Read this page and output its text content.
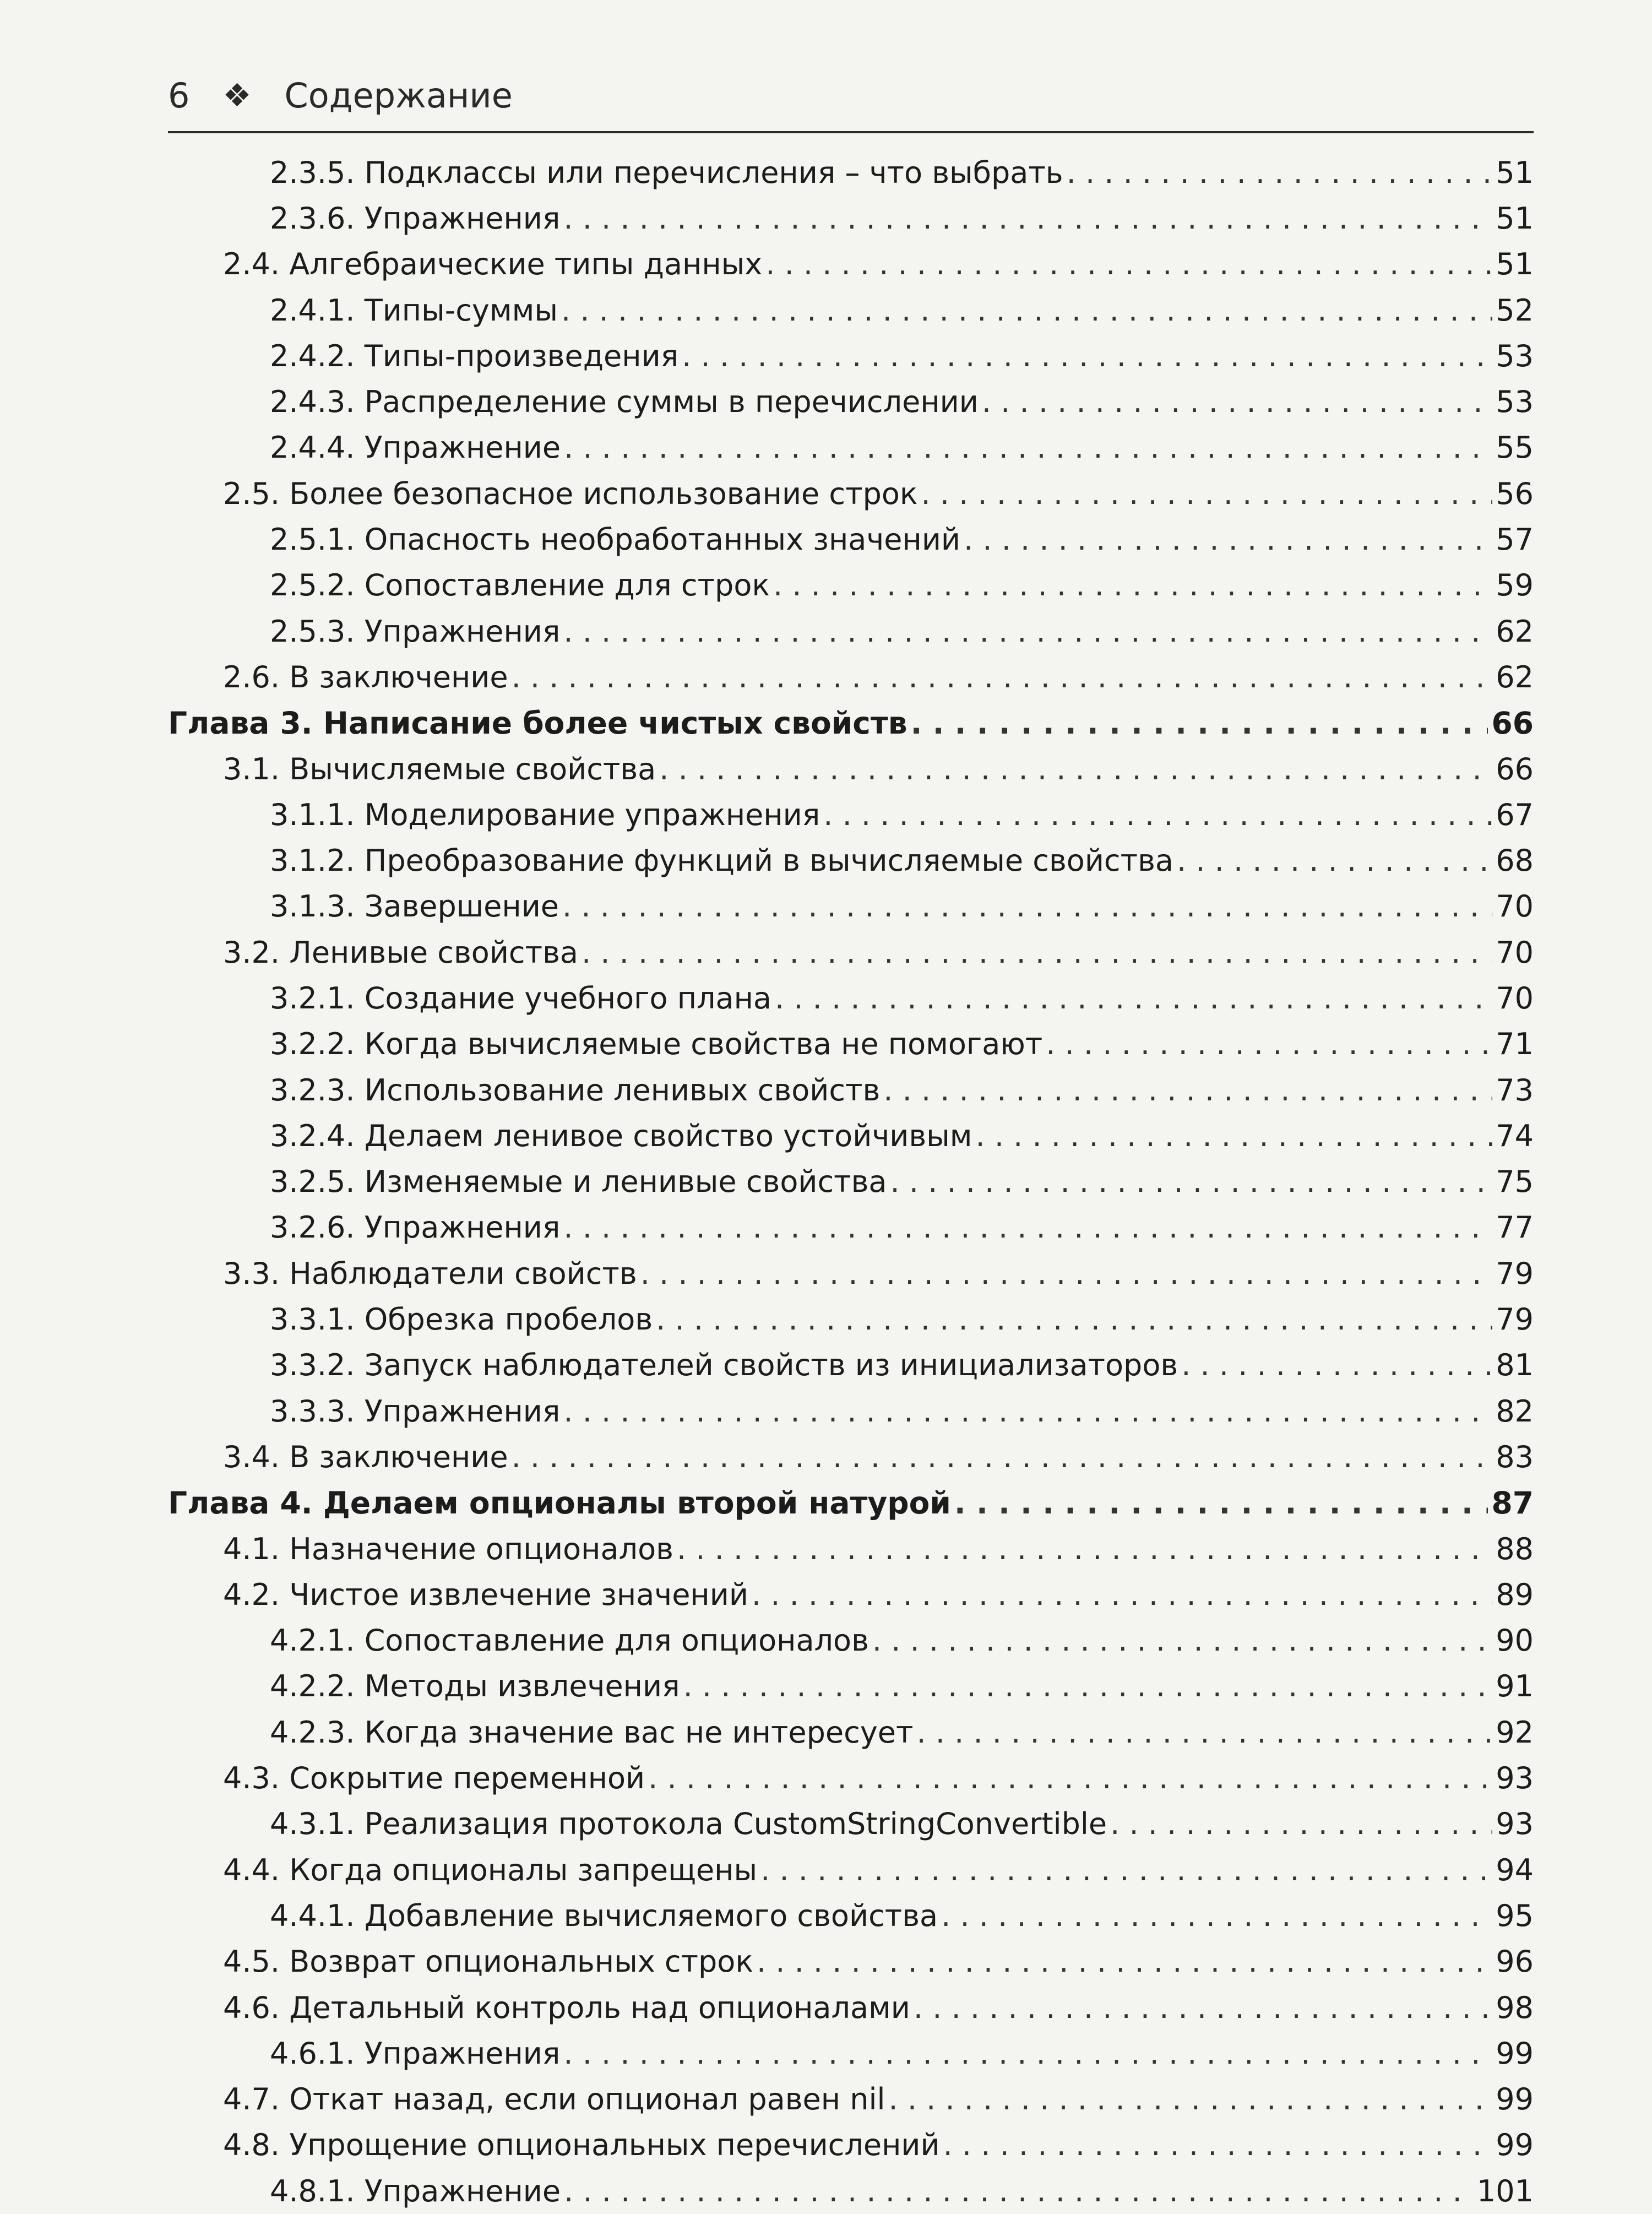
6 ❖ Содержание
2.3.5. Подклассы или перечисления – что выбрать . . .	51
2.3.6. Упражнения . . .	51
2.4. Алгебраические типы данных . . .	51
2.4.1. Типы-суммы . . .	52
2.4.2. Типы-произведения . . .	53
2.4.3. Распределение суммы в перечислении . . .	53
2.4.4. Упражнение . . .	55
2.5. Более безопасное использование строк . . .	56
2.5.1. Опасность необработанных значений . . .	57
2.5.2. Сопоставление для строк . . .	59
2.5.3. Упражнения . . .	62
2.6. В заключение . . .	62
Глава 3. Написание более чистых свойств . . .	66
3.1. Вычисляемые свойства . . .	66
3.1.1. Моделирование упражнения . . .	67
3.1.2. Преобразование функций в вычисляемые свойства . . .	68
3.1.3. Завершение . . .	70
3.2. Ленивые свойства . . .	70
3.2.1. Создание учебного плана . . .	70
3.2.2. Когда вычисляемые свойства не помогают . . .	71
3.2.3. Использование ленивых свойств . . .	73
3.2.4. Делаем ленивое свойство устойчивым . . .	74
3.2.5. Изменяемые и ленивые свойства . . .	75
3.2.6. Упражнения . . .	77
3.3. Наблюдатели свойств . . .	79
3.3.1. Обрезка пробелов . . .	79
3.3.2. Запуск наблюдателей свойств из инициализаторов . . .	81
3.3.3. Упражнения . . .	82
3.4. В заключение . . .	83
Глава 4. Делаем опционалы второй натурой . . .	87
4.1. Назначение опционалов . . .	88
4.2. Чистое извлечение значений . . .	89
4.2.1. Сопоставление для опционалов . . .	90
4.2.2. Методы извлечения . . .	91
4.2.3. Когда значение вас не интересует . . .	92
4.3. Сокрытие переменной . . .	93
4.3.1. Реализация протокола CustomStringConvertible . . .	93
4.4. Когда опционалы запрещены . . .	94
4.4.1. Добавление вычисляемого свойства . . .	95
4.5. Возврат опциональных строк . . .	96
4.6. Детальный контроль над опционалами . . .	98
4.6.1. Упражнения . . .	99
4.7. Откат назад, если опционал равен nil . . .	99
4.8. Упрощение опциональных перечислений . . .	99
4.8.1. Упражнение . . .	101
